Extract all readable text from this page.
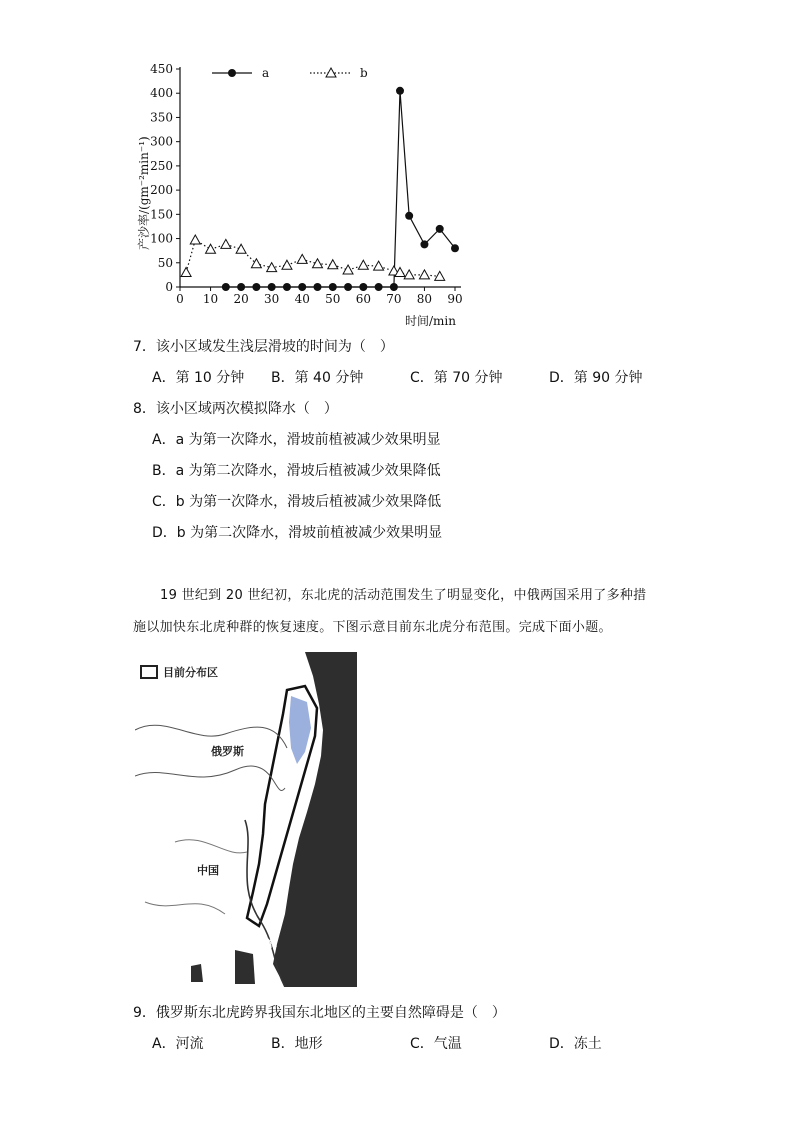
0 10 20 30 40 50 60 70 80 90
0
50
100
150
200
250
300
350
400
450	a	b
时间/min
产沙率/(gm⁻²min⁻¹)
7．该小区域发生浅层滑坡的时间为（　）
A．第 10 分钟 B．第 40 分钟	C．第 70 分钟	D．第 90 分钟
8．该小区域两次模拟降水（　）
A．a 为第一次降水，滑坡前植被减少效果明显
B．a 为第二次降水，滑坡后植被减少效果降低
C．b 为第一次降水，滑坡后植被减少效果降低
D．b 为第二次降水，滑坡前植被减少效果明显
19 世纪到 20 世纪初，东北虎的活动范围发生了明显变化，中俄两国采用了多种措
施以加快东北虎种群的恢复速度。下图示意目前东北虎分布范围。完成下面小题。
目前分布区
俄罗斯
中国
朝鲜
9．俄罗斯东北虎跨界我国东北地区的主要自然障碍是（　）
A．河流	B．地形	C．气温	D．冻土
